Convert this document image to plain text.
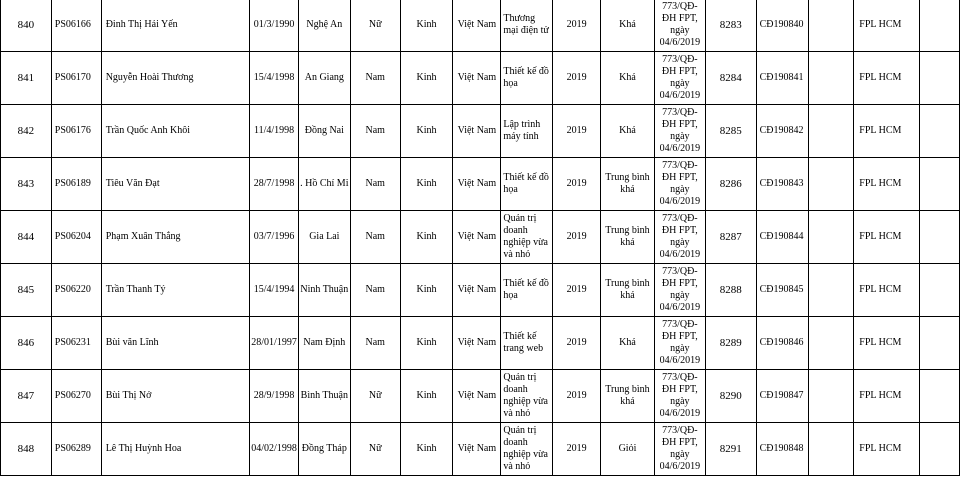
840	PS06166	Đinh Thị Hải Yến	01/3/1990	Nghệ An	Nữ	Kinh	Việt Nam	Thương mại điện tử	2019	Khá	773/QĐ-ĐH FPT, ngày 04/6/2019	8283	CĐ190840		FPL HCM	
841	PS06170	Nguyễn Hoài Thương	15/4/1998	An Giang	Nam	Kinh	Việt Nam	Thiết kế đồ họa	2019	Khá	773/QĐ-ĐH FPT, ngày 04/6/2019	8284	CĐ190841		FPL HCM	
842	PS06176	Trần Quốc Anh Khôi	11/4/1998	Đồng Nai	Nam	Kinh	Việt Nam	Lập trình máy tính	2019	Khá	773/QĐ-ĐH FPT, ngày 04/6/2019	8285	CĐ190842		FPL HCM	
843	PS06189	Tiêu Văn Đạt	28/7/1998	. Hồ Chí Mi	Nam	Kinh	Việt Nam	Thiết kế đồ họa	2019	Trung bình khá	773/QĐ-ĐH FPT, ngày 04/6/2019	8286	CĐ190843		FPL HCM	
844	PS06204	Phạm Xuân Thắng	03/7/1996	Gia Lai	Nam	Kinh	Việt Nam	Quản trị doanh nghiệp vừa và nhỏ	2019	Trung bình khá	773/QĐ-ĐH FPT, ngày 04/6/2019	8287	CĐ190844		FPL HCM	
845	PS06220	Trần Thanh Tý	15/4/1994	Ninh Thuận	Nam	Kinh	Việt Nam	Thiết kế đồ họa	2019	Trung bình khá	773/QĐ-ĐH FPT, ngày 04/6/2019	8288	CĐ190845		FPL HCM	
846	PS06231	Bùi văn Lĩnh	28/01/1997	Nam Định	Nam	Kinh	Việt Nam	Thiết kế trang web	2019	Khá	773/QĐ-ĐH FPT, ngày 04/6/2019	8289	CĐ190846		FPL HCM	
847	PS06270	Bùi Thị Nở	28/9/1998	Bình Thuận	Nữ	Kinh	Việt Nam	Quản trị doanh nghiệp vừa và nhỏ	2019	Trung bình khá	773/QĐ-ĐH FPT, ngày 04/6/2019	8290	CĐ190847		FPL HCM	
848	PS06289	Lê Thị Huỳnh Hoa	04/02/1998	Đồng Tháp	Nữ	Kinh	Việt Nam	Quản trị doanh nghiệp vừa và nhỏ	2019	Giỏi	773/QĐ-ĐH FPT, ngày 04/6/2019	8291	CĐ190848		FPL HCM	
